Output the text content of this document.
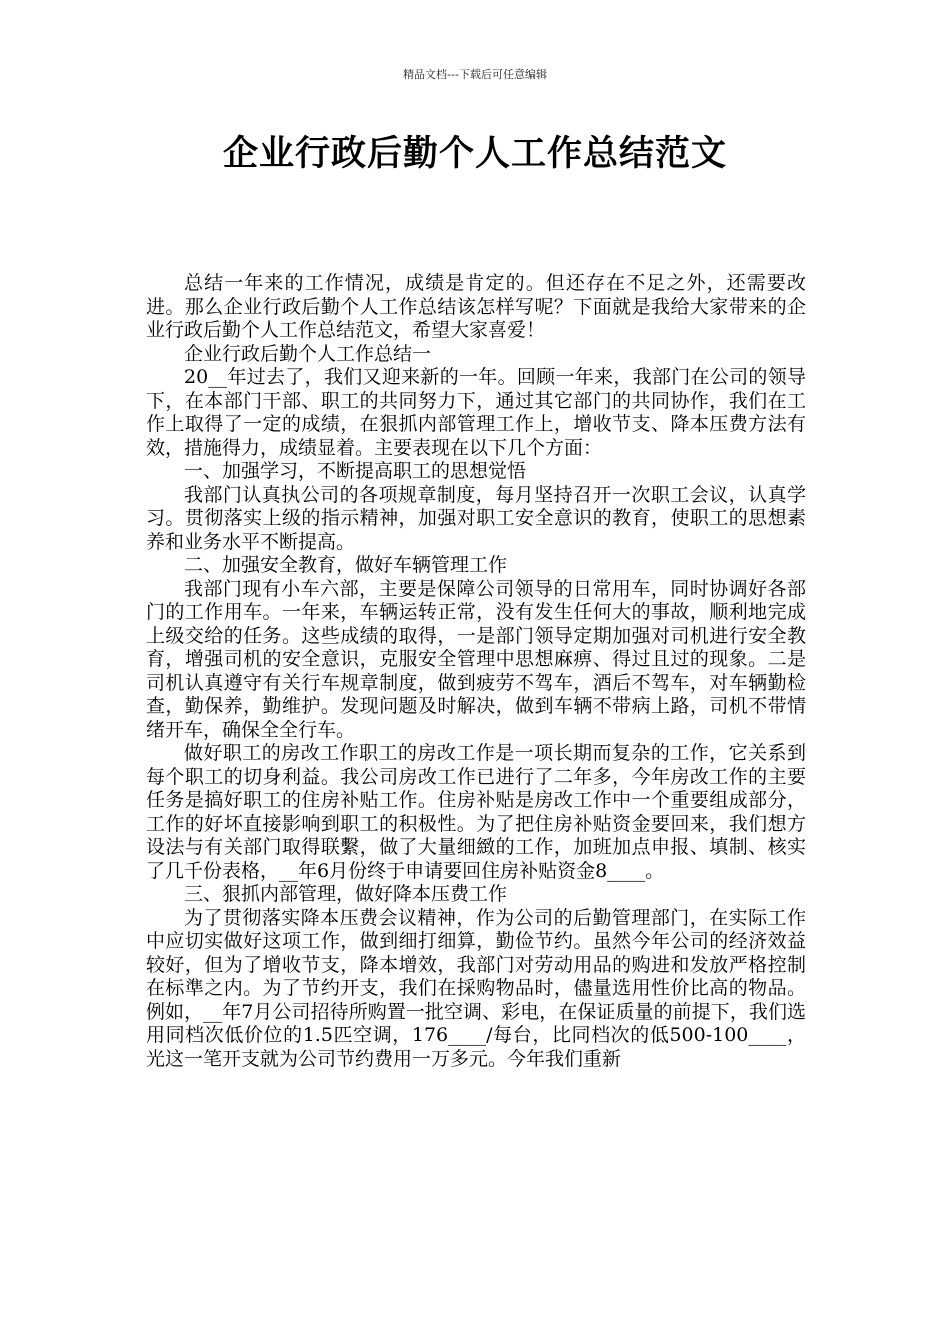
精品文档---下载后可任意编辑
企业行政后勤个人工作总结范文

总结一年来的工作情况，成绩是肯定的。但还存在不足之外，还需要改进。那么企业行政后勤个人工作总结该怎样写呢？下面就是我给大家带来的企业行政后勤个人工作总结范文，希望大家喜爱！

企业行政后勤个人工作总结一

20__年过去了，我们又迎来新的一年。回顾一年来，我部门在公司的领导下，在本部门干部、职工的共同努力下，通过其它部门的共同协作，我们在工作上取得了一定的成绩，在狠抓内部管理工作上，增收节支、降本压费方法有效，措施得力，成绩显着。主要表现在以下几个方面：

一、加强学习，不断提高职工的思想觉悟

我部门认真执公司的各项规章制度，每月坚持召开一次职工会议，认真学习。贯彻落实上级的指示精神，加强对职工安全意识的教育，使职工的思想素养和业务水平不断提高。

二、加强安全教育，做好车辆管理工作

我部门现有小车六部，主要是保障公司领导的日常用车，同时协调好各部门的工作用车。一年来，车辆运转正常，没有发生任何大的事故，顺利地完成上级交给的任务。这些成绩的取得，一是部门领导定期加强对司机进行安全教育，增强司机的安全意识，克服安全管理中思想麻痹、得过且过的现象。二是司机认真遵守有关行车规章制度，做到疲劳不驾车，酒后不驾车，对车辆勤检查，勤保养，勤维护。发现问题及时解决，做到车辆不带病上路，司机不带情绪开车，确保全全行车。

做好职工的房改工作职工的房改工作是一项长期而复杂的工作，它关系到每个职工的切身利益。我公司房改工作已进行了二年多，今年房改工作的主要任务是搞好职工的住房补贴工作。住房补贴是房改工作中一个重要组成部分，工作的好坏直接影响到职工的积极性。为了把住房补贴资金要回来，我们想方设法与有关部门取得联繫，做了大量细緻的工作，加班加点申报、填制、核实了几千份表格，__年6月份终于申请要回住房补贴资金8____。

三、狠抓内部管理，做好降本压费工作

为了贯彻落实降本压费会议精神，作为公司的后勤管理部门，在实际工作中应切实做好这项工作，做到细打细算，勤俭节约。虽然今年公司的经济效益较好，但为了增收节支，降本增效，我部门对劳动用品的购进和发放严格控制在标準之内。为了节约开支，我们在採购物品时，儘量选用性价比高的物品。例如，__年7月公司招待所购置一批空调、彩电，在保证质量的前提下，我们选用同档次低价位的1.5匹空调，176____/每台，比同档次的低500-100____，光这一笔开支就为公司节约费用一万多元。今年我们重新
